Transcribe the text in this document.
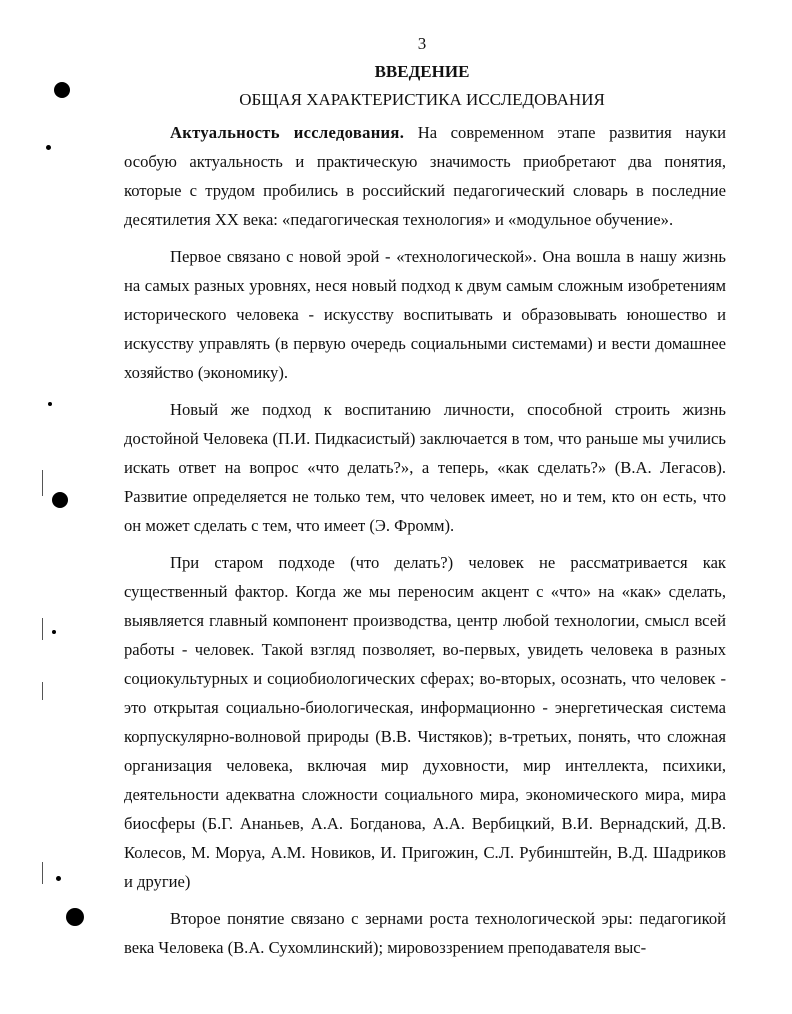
3
ВВЕДЕНИЕ
ОБЩАЯ ХАРАКТЕРИСТИКА ИССЛЕДОВАНИЯ

Актуальность исследования. На современном этапе развития науки особую актуальность и практическую значимость приобретают два понятия, которые с трудом пробились в российский педагогический словарь в последние десятилетия ХХ века: «педагогическая технология» и «модульное обучение».

Первое связано с новой эрой - «технологической». Она вошла в нашу жизнь на самых разных уровнях, неся новый подход к двум самым сложным изобретениям исторического человека - искусству воспитывать и образовывать юношество и искусству управлять (в первую очередь социальными системами) и вести домашнее хозяйство (экономику).

Новый же подход к воспитанию личности, способной строить жизнь достойной Человека (П.И. Пидкасистый) заключается в том, что раньше мы учились искать ответ на вопрос «что делать?», а теперь, «как сделать?» (В.А. Легасов). Развитие определяется не только тем, что человек имеет, но и тем, кто он есть, что он может сделать с тем, что имеет (Э. Фромм).

При старом подходе (что делать?) человек не рассматривается как существенный фактор. Когда же мы переносим акцент с «что» на «как» сделать, выявляется главный компонент производства, центр любой технологии, смысл всей работы - человек. Такой взгляд позволяет, во-первых, увидеть человека в разных социокультурных и социобиологических сферах; во-вторых, осознать, что человек - это открытая социально-биологическая, информационно - энергетическая система корпускулярно-волновой природы (В.В. Чистяков); в-третьих, понять, что сложная организация человека, включая мир духовности, мир интеллекта, психики, деятельности адекватна сложности социального мира, экономического мира, мира биосферы (Б.Г. Ананьев, А.А. Богданова, А.А. Вербицкий, В.И. Вернадский, Д.В. Колесов, М. Моруа, А.М. Новиков, И. Пригожин, С.Л. Рубинштейн, В.Д. Шадриков и другие)

Второе понятие связано с зернами роста технологической эры: педагогикой века Человека (В.А. Сухомлинский); мировоззрением преподавателя выс-
